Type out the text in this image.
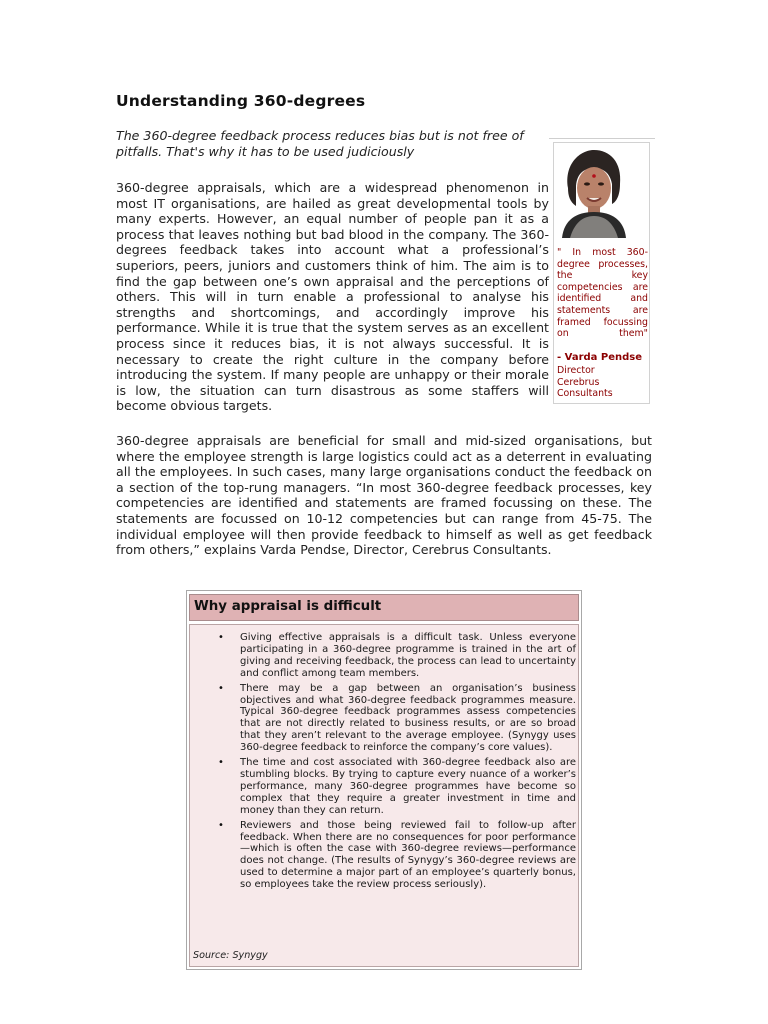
Understanding 360-degrees
The 360-degree feedback process reduces bias but is not free of pitfalls. That's why it has to be used judiciously
360-degree appraisals, which are a widespread phenomenon in most IT organisations, are hailed as great developmental tools by many experts. However, an equal number of people pan it as a process that leaves nothing but bad blood in the company. The 360-degrees feedback takes into account what a professional’s superiors, peers, juniors and customers think of him. The aim is to find the gap between one’s own appraisal and the perceptions of others. This will in turn enable a professional to analyse his strengths and shortcomings, and accordingly improve his performance. While it is true that the system serves as an excellent process since it reduces bias, it is not always successful. It is necessary to create the right culture in the company before introducing the system. If many people are unhappy or their morale is low, the situation can turn disastrous as some staffers will become obvious targets.
" In most 360-degree processes, the key competencies are identified and statements are framed focussing on them"
- Varda Pendse
Director
Cerebrus
Consultants
360-degree appraisals are beneficial for small and mid-sized organisations, but where the employee strength is large logistics could act as a deterrent in evaluating all the employees. In such cases, many large organisations conduct the feedback on a section of the top-rung managers. “In most 360-degree feedback processes, key competencies are identified and statements are framed focussing on these. The statements are focussed on 10-12 competencies but can range from 45-75. The individual employee will then provide feedback to himself as well as get feedback from others,” explains Varda Pendse, Director, Cerebrus Consultants.
Why appraisal is difficult
• Giving effective appraisals is a difficult task. Unless everyone participating in a 360-degree programme is trained in the art of giving and receiving feedback, the process can lead to uncertainty and conflict among team members.
• There may be a gap between an organisation’s business objectives and what 360-degree feedback programmes measure. Typical 360-degree feedback programmes assess competencies that are not directly related to business results, or are so broad that they aren’t relevant to the average employee. (Synygy uses 360-degree feedback to reinforce the company’s core values).
• The time and cost associated with 360-degree feedback also are stumbling blocks. By trying to capture every nuance of a worker’s performance, many 360-degree programmes have become so complex that they require a greater investment in time and money than they can return.
• Reviewers and those being reviewed fail to follow-up after feedback. When there are no consequences for poor performance—which is often the case with 360-degree reviews—performance does not change. (The results of Synygy’s 360-degree reviews are used to determine a major part of an employee’s quarterly bonus, so employees take the review process seriously).
Source: Synygy
